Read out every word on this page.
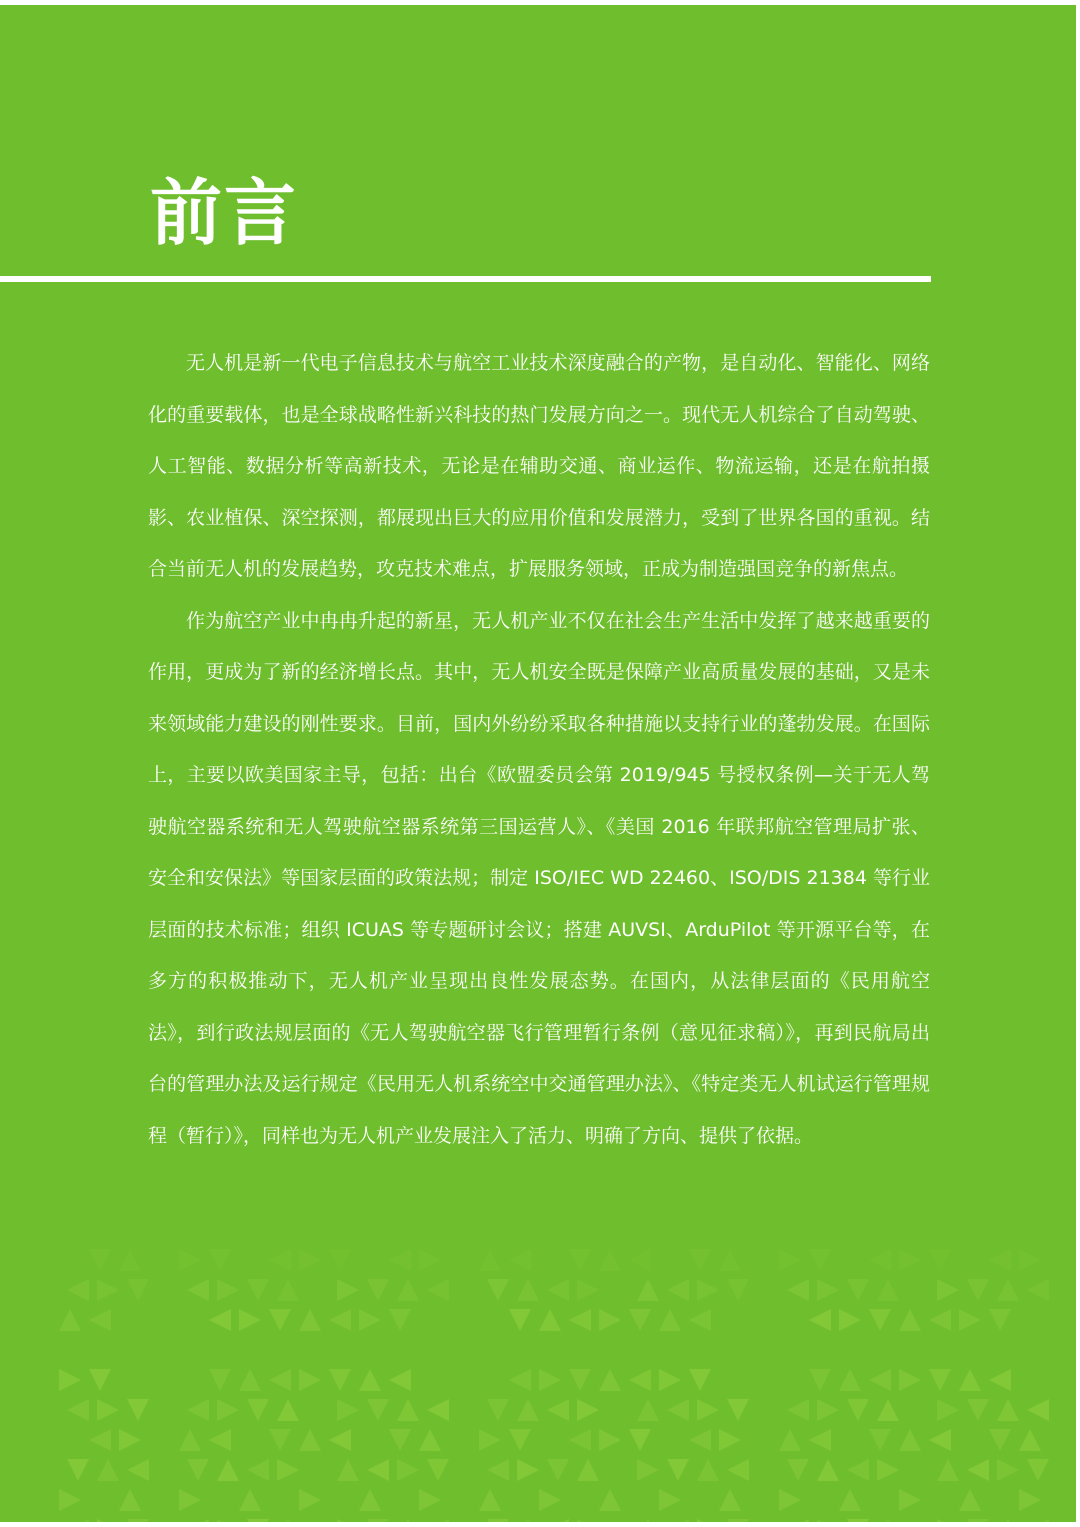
前言

无人机是新一代电子信息技术与航空工业技术深度融合的产物，是自动化、智能化、网络化的重要载体，也是全球战略性新兴科技的热门发展方向之一。现代无人机综合了自动驾驶、人工智能、数据分析等高新技术，无论是在辅助交通、商业运作、物流运输，还是在航拍摄影、农业植保、深空探测，都展现出巨大的应用价值和发展潜力，受到了世界各国的重视。结合当前无人机的发展趋势，攻克技术难点，扩展服务领域，正成为制造强国竞争的新焦点。

作为航空产业中冉冉升起的新星，无人机产业不仅在社会生产生活中发挥了越来越重要的作用，更成为了新的经济增长点。其中，无人机安全既是保障产业高质量发展的基础，又是未来领域能力建设的刚性要求。目前，国内外纷纷采取各种措施以支持行业的蓬勃发展。在国际上，主要以欧美国家主导，包括：出台《欧盟委员会第 2019/945 号授权条例—关于无人驾驶航空器系统和无人驾驶航空器系统第三国运营人》、《美国 2016 年联邦航空管理局扩张、安全和安保法》等国家层面的政策法规；制定 ISO/IEC WD 22460、ISO/DIS 21384 等行业层面的技术标准；组织 ICUAS 等专题研讨会议；搭建 AUVSI、ArduPilot 等开源平台等，在多方的积极推动下，无人机产业呈现出良性发展态势。在国内，从法律层面的《民用航空法》，到行政法规层面的《无人驾驶航空器飞行管理暂行条例（意见征求稿）》，再到民航局出台的管理办法及运行规定《民用无人机系统空中交通管理办法》、《特定类无人机试运行管理规程（暂行）》，同样也为无人机产业发展注入了活力、明确了方向、提供了依据。
